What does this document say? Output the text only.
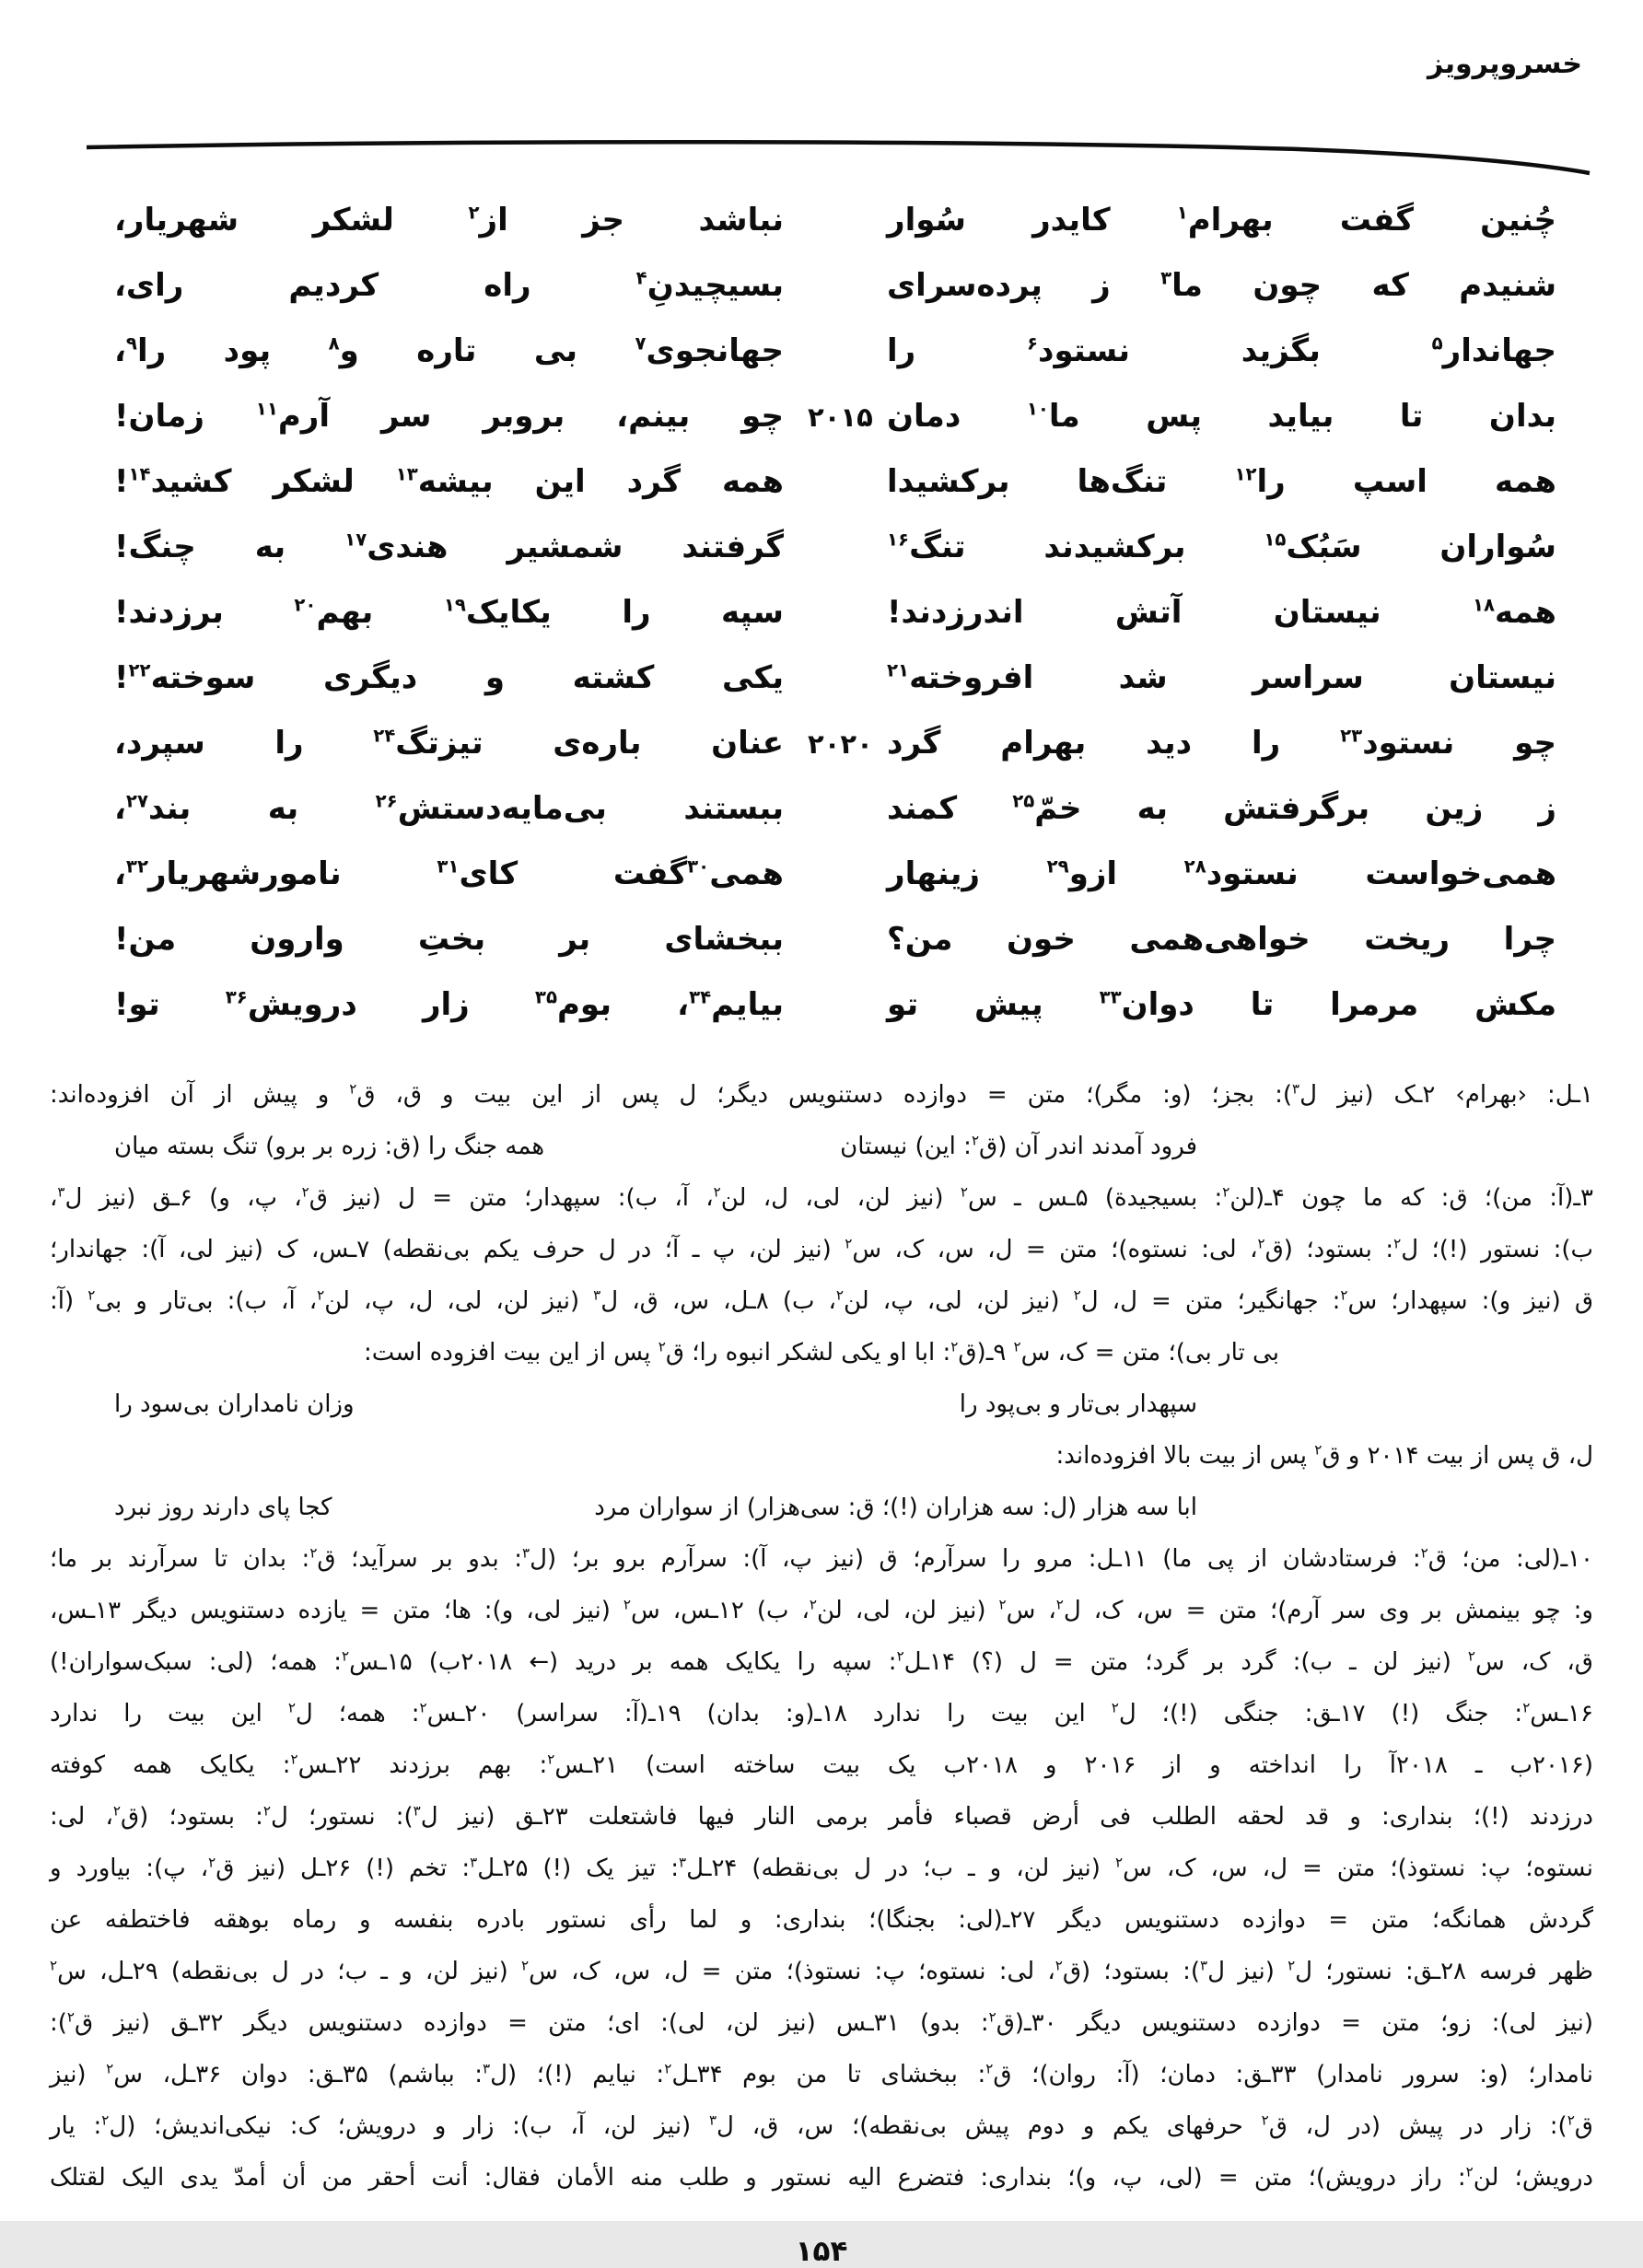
خسروپرویز
چُنین گفت بهرام$^۱$ کایدر سُوار
نباشد جز از$^۲$ لشکر شهریار،
شنیدم که چون ما$^۳$ ز پرده‌سرای
بسیچیدنِ$^۴$ راه کردیم رای،
جهاندار$^۵$ بگزید نستود$^۶$ را
جهانجوی$^۷$ بی تاره و$^۸$ پود را$^۹$،
بدان تا بیاید پس ما$^{۱۰}$ دمان
۲۰۱۵
چو بینم، بروبر سر آرم$^{۱۱}$ زمان!
همه اسپ را$^{۱۲}$ تنگ‌ها برکشیدا
همه گرد این بیشه$^{۱۳}$ لشکر کشید$^{۱۴}$!
سُواران سَبُک$^{۱۵}$ برکشیدند تنگ$^{۱۶}$
گرفتند شمشیر هندی$^{۱۷}$ به چنگ!
همه$^{۱۸}$ نیستان آتش اندرزدند!
سپه را یکایک$^{۱۹}$ بهم$^{۲۰}$ برزدند!
نیستان سراسر شد افروخته$^{۲۱}$
یکی کشته و دیگری سوخته$^{۲۲}$!
چو نستود$^{۲۳}$ را دید بهرام گرد
۲۰۲۰
عنان باره‌ی تیزتگ$^{۲۴}$ را سپرد،
ز زین برگرفتش به خمّ$^{۲۵}$ کمند
ببستند بی‌مایه‌دستش$^{۲۶}$ به بند$^{۲۷}$،
همی‌خواست نستود$^{۲۸}$ ازو$^{۲۹}$ زینهار
همی$^{۳۰}$گفت کای$^{۳۱}$ نامورشهریار$^{۳۲}$،
چرا ریخت خواهی‌همی خون من؟
ببخشای بر بختِ وارون من!
مکش مرمرا تا دوان$^{۳۳}$ پیش تو
بیایم$^{۳۴}$، بوم$^{۳۵}$ زار درویش$^{۳۶}$ تو!
۱ـل: ‹بهرام› ۲ـک (نیز ل$^۳$): بجز؛ (و: مگر)؛ متن = دوازده دستنویس دیگر؛ ل پس از این بیت و ق، ق$^۲$ و پیش از آن افزوده‌اند:
فرود آمدند اندر آن (ق$^۲$: این) نیستان
همه جنگ را (ق: زره بر برو) تنگ بسته میان
۳ـ(آ: من)؛ ق: که ما چون ۴ـ(لن$^۲$: بسیجیدة) ۵ـس ـ س$^۲$ (نیز لن، لی، ل، لن$^۲$، آ، ب): سپهدار؛ متن = ل (نیز ق$^۲$، پ، و) ۶ـق (نیز ل$^۳$،
ب): نستور (!)؛ ل$^۲$: بستود؛ (ق$^۲$، لی: نستوه)؛ متن = ل، س، ک، س$^۲$ (نیز لن، پ ـ آ؛ در ل حرف یکم بی‌نقطه) ۷ـس، ک (نیز لی، آ): جهاندار؛
ق (نیز و): سپهدار؛ س$^۲$: جهانگیر؛ متن = ل، ل$^۲$ (نیز لن، لی، پ، لن$^۲$، ب) ۸ـل، س، ق، ل$^۳$ (نیز لن، لی، ل، پ، لن$^۲$، آ، ب): بی‌تار و بی$^۲$ (آ:
بی تار بی)؛ متن = ک، س$^۲$ ۹ـ(ق$^۲$: ابا او یکی لشکر انبوه را؛ ق$^۲$ پس از این بیت افزوده است:
سپهدار بی‌تار و بی‌پود را
وزان نامداران بی‌سود را
ل، ق پس از بیت ۲۰۱۴ و ق$^۲$ پس از بیت بالا افزوده‌اند:
ابا سه هزار (ل: سه هزاران (!)؛ ق: سی‌هزار) از سواران مرد
کجا پای دارند روز نبرد
۱۰ـ(لی: من؛ ق$^۲$: فرستادشان از پی ما) ۱۱ـل: مرو را سرآرم؛ ق (نیز پ، آ): سرآرم برو بر؛ (ل$^۳$: بدو بر سرآید؛ ق$^۲$: بدان تا سرآرند بر ما؛
و: چو بینمش بر وی سر آرم)؛ متن = س، ک، ل$^۲$، س$^۲$ (نیز لن، لی، لن$^۲$، ب) ۱۲ـس، س$^۲$ (نیز لی، و): ها؛ متن = یازده دستنویس دیگر ۱۳ـس،
ق، ک، س$^۲$ (نیز لن ـ ب): گرد بر گرد؛ متن = ل (؟) ۱۴ـل$^۲$: سپه را یکایک همه بر درید (← ۲۰۱۸ب) ۱۵ـس$^۲$: همه؛ (لی: سبک‌سواران!)
۱۶ـس$^۲$: جنگ (!) ۱۷ـق: جنگی (!)؛ ل$^۲$ این بیت را ندارد ۱۸ـ(و: بدان) ۱۹ـ(آ: سراسر) ۲۰ـس$^۲$: همه؛ ل$^۲$ این بیت را ندارد
(۲۰۱۶ب ـ ۲۰۱۸آ را انداخته و از ۲۰۱۶ و ۲۰۱۸ب یک بیت ساخته است) ۲۱ـس$^۲$: بهم برزدند ۲۲ـس$^۲$: یکایک همه کوفته
درزدند (!)؛ بنداری: و قد لحقه الطلب فی أرض قصباء فأمر برمی النار فیها فاشتعلت ۲۳ـق (نیز ل$^۳$): نستور؛ ل$^۲$: بستود؛ (ق$^۲$، لی:
نستوه؛ پ: نستوذ)؛ متن = ل، س، ک، س$^۲$ (نیز لن، و ـ ب؛ در ل بی‌نقطه) ۲۴ـل$^۳$: تیز یک (!) ۲۵ـل$^۳$: تخم (!) ۲۶ـل (نیز ق$^۲$، پ): بیاورد و
گردش همانگه؛ متن = دوازده دستنویس دیگر ۲۷ـ(لی: بجنگا)؛ بنداری: و لما رأی نستور بادره بنفسه و رماه بوهقه فاختطفه عن
ظهر فرسه ۲۸ـق: نستور؛ ل$^۲$ (نیز ل$^۳$): بستود؛ (ق$^۲$، لی: نستوه؛ پ: نستوذ)؛ متن = ل، س، ک، س$^۲$ (نیز لن، و ـ ب؛ در ل بی‌نقطه) ۲۹ـل، س$^۲$
(نیز لی): زو؛ متن = دوازده دستنویس دیگر ۳۰ـ(ق$^۲$: بدو) ۳۱ـس (نیز لن، لی): ای؛ متن = دوازده دستنویس دیگر ۳۲ـق (نیز ق$^۲$):
نامدار؛ (و: سرور نامدار) ۳۳ـق: دمان؛ (آ: روان)؛ ق$^۲$: ببخشای تا من بوم ۳۴ـل$^۲$: نیایم (!)؛ (ل$^۳$: بباشم) ۳۵ـق: دوان ۳۶ـل، س$^۲$ (نیز
ق$^۲$): زار در پیش (در ل، ق$^۲$ حرفهای یکم و دوم پیش بی‌نقطه)؛ س، ق، ل$^۳$ (نیز لن، آ، ب): زار و درویش؛ ک: نیکی‌اندیش؛ (ل$^۲$: یار
درویش؛ لن$^۲$: راز درویش)؛ متن = (لی، پ، و)؛ بنداری: فتضرع الیه نستور و طلب منه الأمان فقال: أنت أحقر من أن أمدّ یدی الیک لقتلک
۱۵۴
